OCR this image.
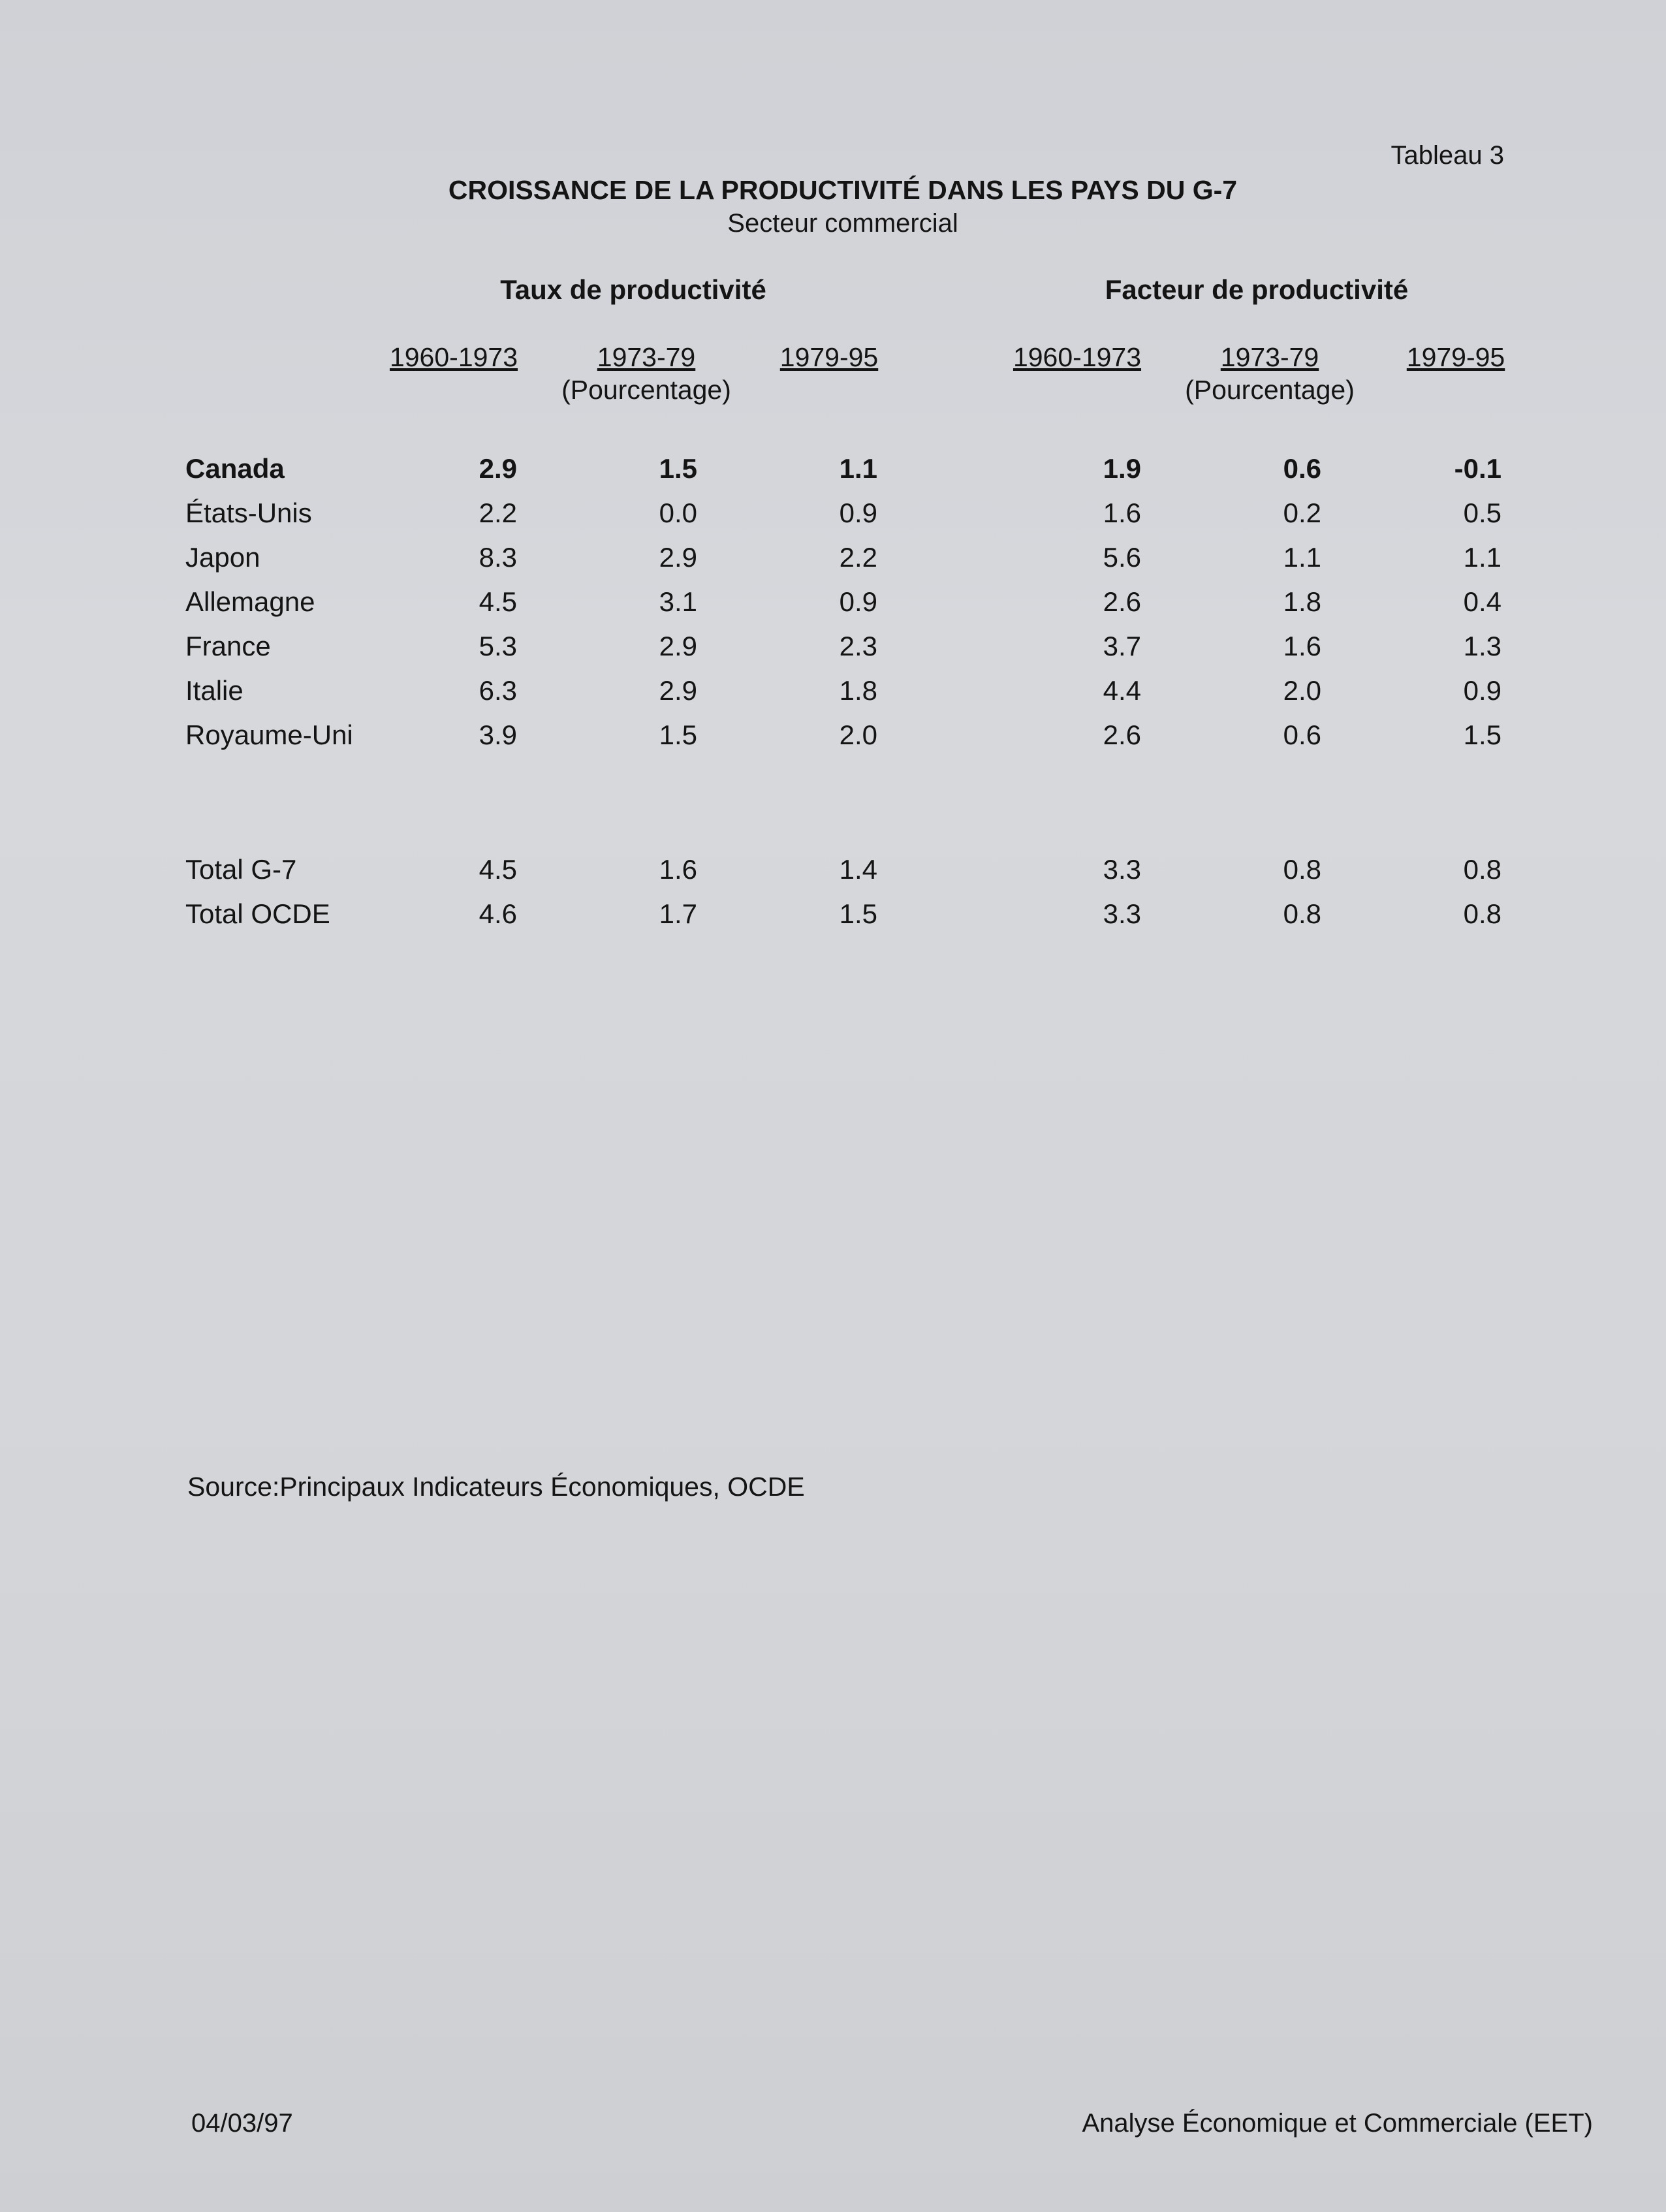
Tableau 3
CROISSANCE DE LA PRODUCTIVITÉ DANS LES PAYS DU G-7
Secteur commercial
Taux de productivité	Facteur de productivité
1960-1973	1973-79	1979-95
(Pourcentage)
1960-1973	1973-79	1979-95
(Pourcentage)
Canada	2.9	1.5	1.1	1.9	0.6	-0.1
États-Unis	2.2	0.0	0.9	1.6	0.2	0.5
Japon	8.3	2.9	2.2	5.6	1.1	1.1
Allemagne	4.5	3.1	0.9	2.6	1.8	0.4
France	5.3	2.9	2.3	3.7	1.6	1.3
Italie	6.3	2.9	1.8	4.4	2.0	0.9
Royaume-Uni	3.9	1.5	2.0	2.6	0.6	1.5
Total G-7	4.5	1.6	1.4	3.3	0.8	0.8
Total OCDE	4.6	1.7	1.5	3.3	0.8	0.8
Source:Principaux Indicateurs Économiques, OCDE
04/03/97	Analyse Économique et Commerciale (EET)
